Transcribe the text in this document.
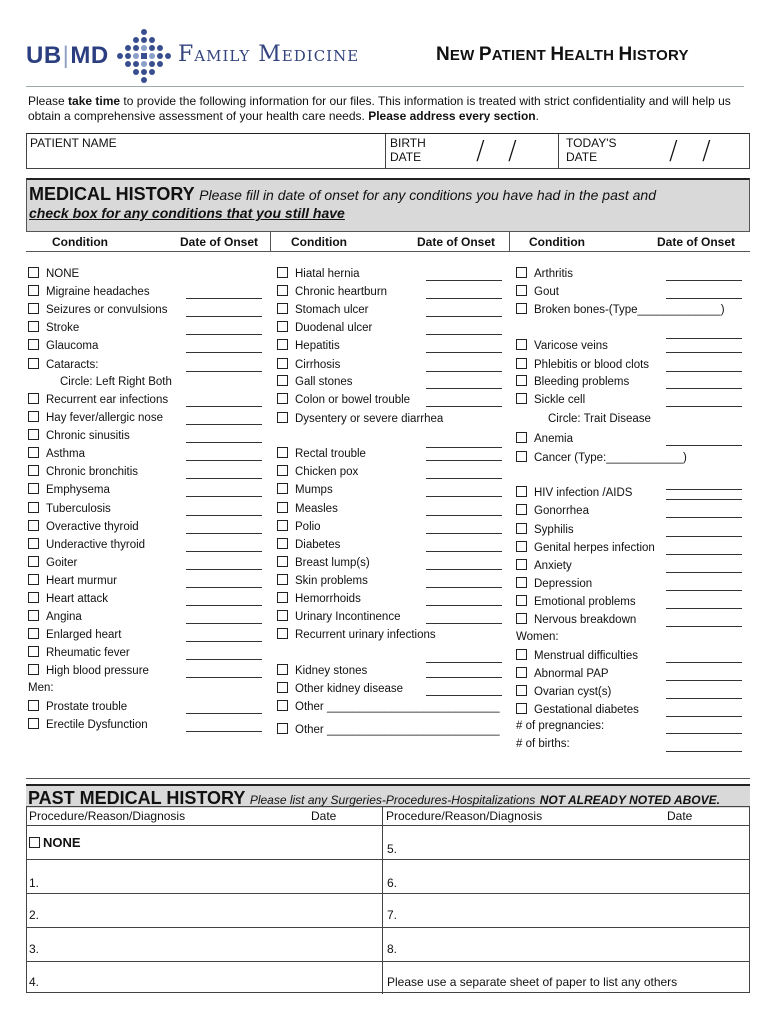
UB|MD	Family Medicine	NEW PATIENT HEALTH HISTORY
Please take time to provide the following information for our files. This information is treated with strict confidentiality and will help us obtain a comprehensive assessment of your health care needs. Please address every section.
PATIENT NAME	BIRTH
DATE	/ /	TODAY'S
DATE	/ /
MEDICAL HISTORY Please fill in date of onset for any conditions you have had in the past and
check box for any conditions that you still have
Condition	Date of Onset	Condition	Date of Onset	Condition	Date of Onset
NONE
Migraine headaches
Seizures or convulsions
Stroke
Glaucoma
Cataracts:
Circle: Left Right Both
Recurrent ear infections
Hay fever/allergic nose
Chronic sinusitis
Asthma
Chronic bronchitis
Emphysema
Tuberculosis
Overactive thyroid
Underactive thyroid
Goiter
Heart murmur
Heart attack
Angina
Enlarged heart
Rheumatic fever
High blood pressure
Men:
Prostate trouble
Erectile Dysfunction
Hiatal hernia
Chronic heartburn
Stomach ulcer
Duodenal ulcer
Hepatitis
Cirrhosis
Gall stones
Colon or bowel trouble
Dysentery or severe diarrhea
Rectal trouble
Chicken pox
Mumps
Measles
Polio
Diabetes
Breast lump(s)
Skin problems
Hemorrhoids
Urinary Incontinence
Recurrent urinary infections
Kidney stones
Other kidney disease
Other ___________________________
Other ___________________________
Arthritis
Gout
Broken bones-(Type_____________)
Varicose veins
Phlebitis or blood clots
Bleeding problems
Sickle cell
Circle: Trait Disease
Anemia
Cancer (Type:____________)
HIV infection /AIDS
Gonorrhea
Syphilis
Genital herpes infection
Anxiety
Depression
Emotional problems
Nervous breakdown
Women:
Menstrual difficulties
Abnormal PAP
Ovarian cyst(s)
Gestational diabetes
# of pregnancies:
# of births:
PAST MEDICAL HISTORY Please list any Surgeries-Procedures-Hospitalizations NOT ALREADY NOTED ABOVE.
Procedure/Reason/Diagnosis	Date	Procedure/Reason/Diagnosis	Date
NONE
1.
2.
3.
4.
5.
6.
7.
8.
Please use a separate sheet of paper to list any others
